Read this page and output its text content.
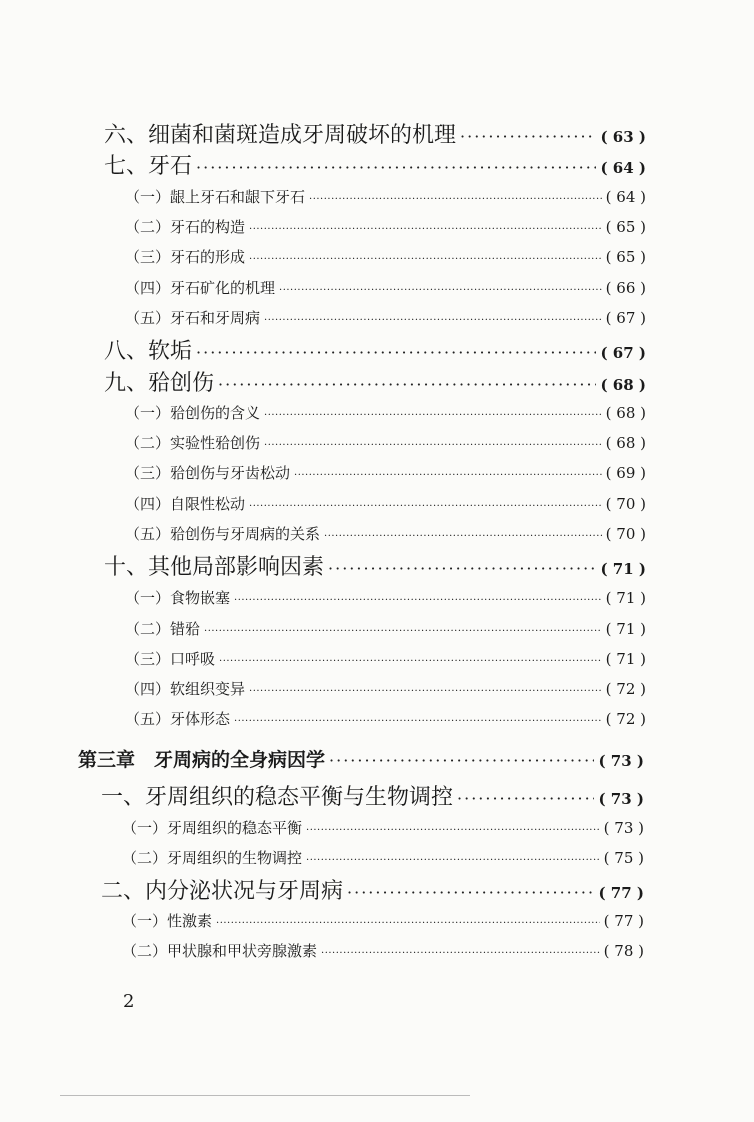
六、细菌和菌斑造成牙周破坏的机理 ·····	( 63 )
七、牙石 ·····	( 64 )
（一）龈上牙石和龈下牙石 ·····	( 64 )
（二）牙石的构造 ·····	( 65 )
（三）牙石的形成 ·····	( 65 )
（四）牙石矿化的机理 ·····	( 66 )
（五）牙石和牙周病 ·····	( 67 )
八、软垢 ·····	( 67 )
九、𬌗创伤 ·····	( 68 )
（一）𬌗创伤的含义 ·····	( 68 )
（二）实验性𬌗创伤 ·····	( 68 )
（三）𬌗创伤与牙齿松动 ·····	( 69 )
（四）自限性松动 ·····	( 70 )
（五）𬌗创伤与牙周病的关系 ·····	( 70 )
十、其他局部影响因素 ·····	( 71 )
（一）食物嵌塞 ·····	( 71 )
（二）错𬌗 ·····	( 71 )
（三）口呼吸 ·····	( 71 )
（四）软组织变异 ·····	( 72 )
（五）牙体形态 ·····	( 72 )
第三章　牙周病的全身病因学 ·····	( 73 )
一、牙周组织的稳态平衡与生物调控 ·····	( 73 )
（一）牙周组织的稳态平衡 ·····	( 73 )
（二）牙周组织的生物调控 ·····	( 75 )
二、内分泌状况与牙周病 ·····	( 77 )
（一）性激素 ·····	( 77 )
（二）甲状腺和甲状旁腺激素 ·····	( 78 )
2
